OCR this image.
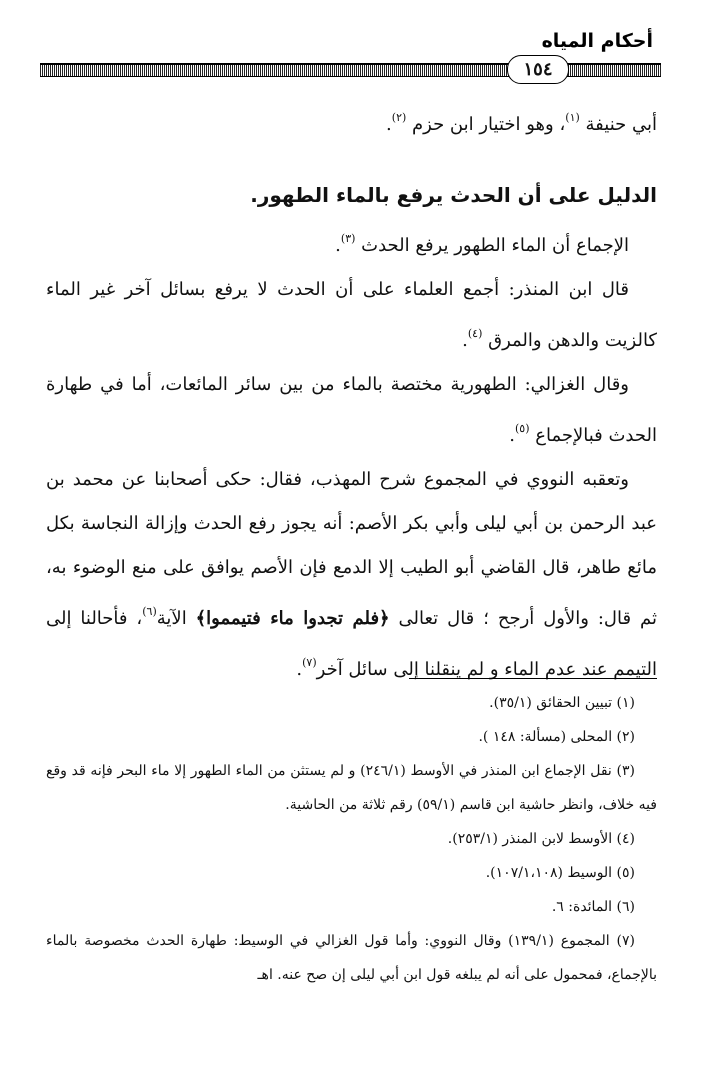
أحكام المياه
١٥٤

أبي حنيفة $^{(١)}$، وهو اختيار ابن حزم $^{(٢)}$.

الدليل على أن الحدث يرفع بالماء الطهور.

الإجماع أن الماء الطهور يرفع الحدث $^{(٣)}$.

قال ابن المنذر: أجمع العلماء على أن الحدث لا يرفع بسائل آخر غير الماء كالزيت والدهن والمرق $^{(٤)}$.

وقال الغزالي: الطهورية مختصة بالماء من بين سائر المائعات، أما في طهارة الحدث فبالإجماع $^{(٥)}$.

وتعقبه النووي في المجموع شرح المهذب، فقال: حكى أصحابنا عن محمد بن عبد الرحمن بن أبي ليلى وأبي بكر الأصم: أنه يجوز رفع الحدث وإزالة النجاسة بكل مائع طاهر، قال القاضي أبو الطيب إلا الدمع فإن الأصم يوافق على منع الوضوء به، ثم قال: والأول أرجح ؛ قال تعالى ﴿فلم تجدوا ماء فتيمموا﴾ الآية$^{(٦)}$، فأحالنا إلى التيمم عند عدم الماء و لم ينقلنا إلى سائل آخر$^{(٧)}$.

(١) تبيين الحقائق (٣٥/١).

(٢) المحلى (مسألة: ١٤٨ ).

(٣) نقل الإجماع ابن المنذر في الأوسط (٢٤٦/١) و لم يستثن من الماء الطهور إلا ماء البحر فإنه قد وقع فيه خلاف، وانظر حاشية ابن قاسم (٥٩/١) رقم ثلاثة من الحاشية.

(٤) الأوسط لابن المنذر (٢٥٣/١).

(٥) الوسيط (١٠٧/١،١٠٨).

(٦) المائدة: ٦.

(٧) المجموع (١٣٩/١) وقال النووي: وأما قول الغزالي في الوسيط: طهارة الحدث مخصوصة بالماء بالإجماع، فمحمول على أنه لم يبلغه قول ابن أبي ليلى إن صح عنه. اهـ
